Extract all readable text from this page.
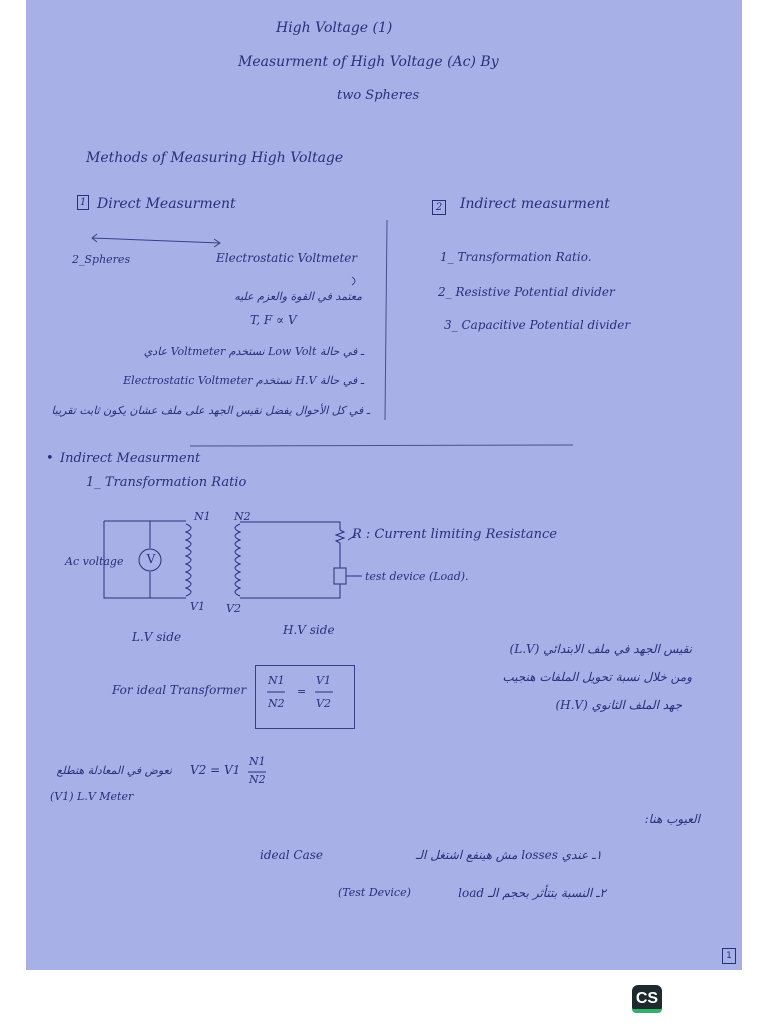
High Voltage (1)
Measurment of High Voltage (Ac) By
two Spheres
Methods of Measuring High Voltage
1 Direct Measurment
2_Spheres	Electrostatic Voltmeter
معتمد في القوة والعزم عليه
T, F ∝ V
ـ في حالة Low Volt نستخدم Voltmeter عادي
ـ في حالة H.V نستخدم Electrostatic Voltmeter
ـ في كل الأحوال يفضل نقيس الجهد على ملف عشان يكون ثابت تقريبا
2 Indirect measurment
1_ Transformation Ratio.
2_ Resistive Potential divider
3_ Capacitive Potential divider
• Indirect Measurment
1_ Transformation Ratio
N1 N2
V1 V2
Ac voltage
R : Current limiting Resistance
test device (Load).
L.V side	H.V side
V
نقيس الجهد في ملف الابتدائي (L.V)
ومن خلال نسبة تحويل الملفات هنجيب
جهد الملف الثانوي (H.V)
For ideal Transformer
N1
N2
=
V1
V2
نعوض في المعادلة هتطلع
(V1) L.V Meter
V2 = V1
N1
N2
العيوب هنا:
١ـ عندي losses مش هينفع اشتغل الـ
ideal Case
٢ـ النسبة بتتأثر بحجم الـ load
(Test Device)
1
CS
